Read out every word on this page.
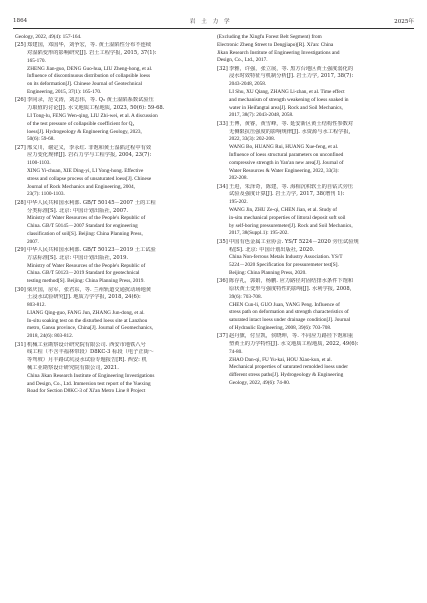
1864	岩 土 力 学	2025年
Geology, 2022, 49(4): 157-164.
[25] 郑建国，邓国华，刘争宏，等. 黄土湿陷性分布不连续
对湿陷变形的影响研究[J]. 岩土工程学报, 2015, 37(1):
165-170.
ZHENG Jian-guo, DENG Guo-hua, LIU Zheng-hong, et al.
Influence of discontinuous distribution of collapsible loess
on its deformation[J]. Chinese Journal of Geotechnical
Engineering, 2015, 37(1): 165-170.
[26] 李同录，范文涛，刘志伟，等. Q₃ 黄土湿陷系数试验压
力取值的讨论[J]. 水文地质工程地质, 2023, 50(6): 59-68.
LI Tong-lu, FENG Wen-qing, LIU Zhi-wei, et al. A discussion
of the test pressure of collapsible coefficient for Q₃
loess[J]. Hydrogeology & Engineering Geology, 2023,
50(6): 59-68.
[27] 邢义川，谢定义，李永红. 非饱和黄土湿陷过程中有效
应力变化规律[J]. 岩石力学与工程学报, 2004, 23(7):
1100-1103.
XING Yi-chuan, XIE Ding-yi, LI Yong-hong. Effective
stress and collapse process of unsaturated loess[J]. Chinese
Journal of Rock Mechanics and Engineering, 2004,
23(7): 1100-1103.
[28] 中华人民共和国水利部. GB/T 50145－2007 土的工程
分类标准[S]. 北京: 中国计划出版社, 2007.
Ministry of Water Resources of the People's Republic of
China. GB/T 50145－2007 Standard for engineering
classification of soil[S]. Beijing: China Planning Press,
2007.
[29] 中华人民共和国水利部. GB/T 50123－2019 土工试验
方法标准[S]. 北京: 中国计划出版社, 2019.
Ministry of Water Resources of the People's Republic of
China. GB/T 50123－2019 Standard for geotechnical
testing method[S]. Beijing: China Planning Press, 2019.
[30] 梁庆国，房军，张君东，等. 兰州轨道交通扰动场地黄
土浸水试验研究[J]. 地质力学学报, 2018, 24(6):
803-812.
LIANG Qing-guo, FANG Jun, ZHANG Jun-dong, et al.
In-situ soaking test on the disturbed loess site at Lanzhou
metro, Gansu province, China[J]. Journal of Geomechanics,
2018, 24(6): 803-812.
[31] 机械工业勘察设计研究院有限公司. 西安市地铁八号
线工程（不含丰福林带段）D8KC-3 标段（电子正街～
等驾坡）月丰路试坑浸水试验专题报告[R]. 西安: 机
械工业勘察设计研究院有限公司, 2021.
China Jikan Research Institute of Engineering Investigations
and Design, Co., Ltd. Immersion test report of the Yuexing
Road for Section D8KC-3 of Xi'an Metro Line 8 Project
(Excluding the Xingfu Forest Belt Segment) from
Electronic Zheng Street to Dengjiapo)[R]. Xi'an: China
Jikan Research Institute of Engineering Investigations and
Design, Co., Ltd., 2017.
[32] 李雅，许强，张立展，等. 黑方台地区黄土强度弱化的
浸水时效特征与机制分析[J]. 岩土力学, 2017, 38(7):
2043-2048, 2058.
LI Shu, XU Qiang, ZHANG Li-zhan, et al. Time effect
and mechanism of strength weakening of loess soaked in
water in Heifangtai area[J]. Rock and Soil Mechanics,
2017, 38(7): 2043-2048, 2058.
[33] 王博，黄睿，黄雪峰，等. 延安新区黄土结构性参数对
无侧限抗压强度的影响规律[J]. 水资源与水工程学报,
2022, 33(3): 202-208.
WANG Bo, HUANG Rui, HUANG Xue-feng, et al.
Influence of loess structural parameters on unconfined
compressive strength in Yan'an new area[J]. Journal of
Water Resources & Water Engineering, 2022, 33(3):
202-208.
[34] 王进，朱泽奇，陈建，等. 海相沉积软土的自钻式旁压
试验及强度计算[J]. 岩土力学, 2017, 38(增刊 1):
195-202.
WANG Jin, ZHU Ze-qi, CHEN Jian, et al. Study of
in-situ mechanical properties of littoral deposit soft soil
by self-boring pressuremeter[J]. Rock and Soil Mechanics,
2017, 38(Suppl.1): 195-202.
[35] 中国有色金属工业协会. YS/T 5224－2020 旁压试验规
程[S]. 北京: 中国计划出版社, 2020.
China Non-ferrous Metals Industry Association. YS/T
5224－2020 Specification for pressuremeter test[S].
Beijing: China Planning Press, 2020.
[36] 陈存礼，郭娟，杨鹏. 应力路径对固结排水条件下饱和
原状黄土变形与强度特性的影响[J]. 水利学报, 2008,
39(6): 703-708.
CHEN Cun-li, GUO Juan, YANG Peng. Influence of
stress path on deformation and strength characteristics of
saturated intact loess under drainage condition[J]. Journal
of Hydraulic Engineering, 2008, 39(6): 703-708.
[37] 赵丹旗，付昱凯，侯晓坤，等. 不同应力路径下饱和重
塑黄土的力学特性[J]. 水文地质工程地质, 2022, 49(6):
74-80.
ZHAO Dan-qi, FU Yu-kai, HOU Xiao-kun, et al.
Mechanical properties of saturated remolded loess under
different stress paths[J]. Hydrogeology & Engineering
Geology, 2022, 49(6): 74-80.
